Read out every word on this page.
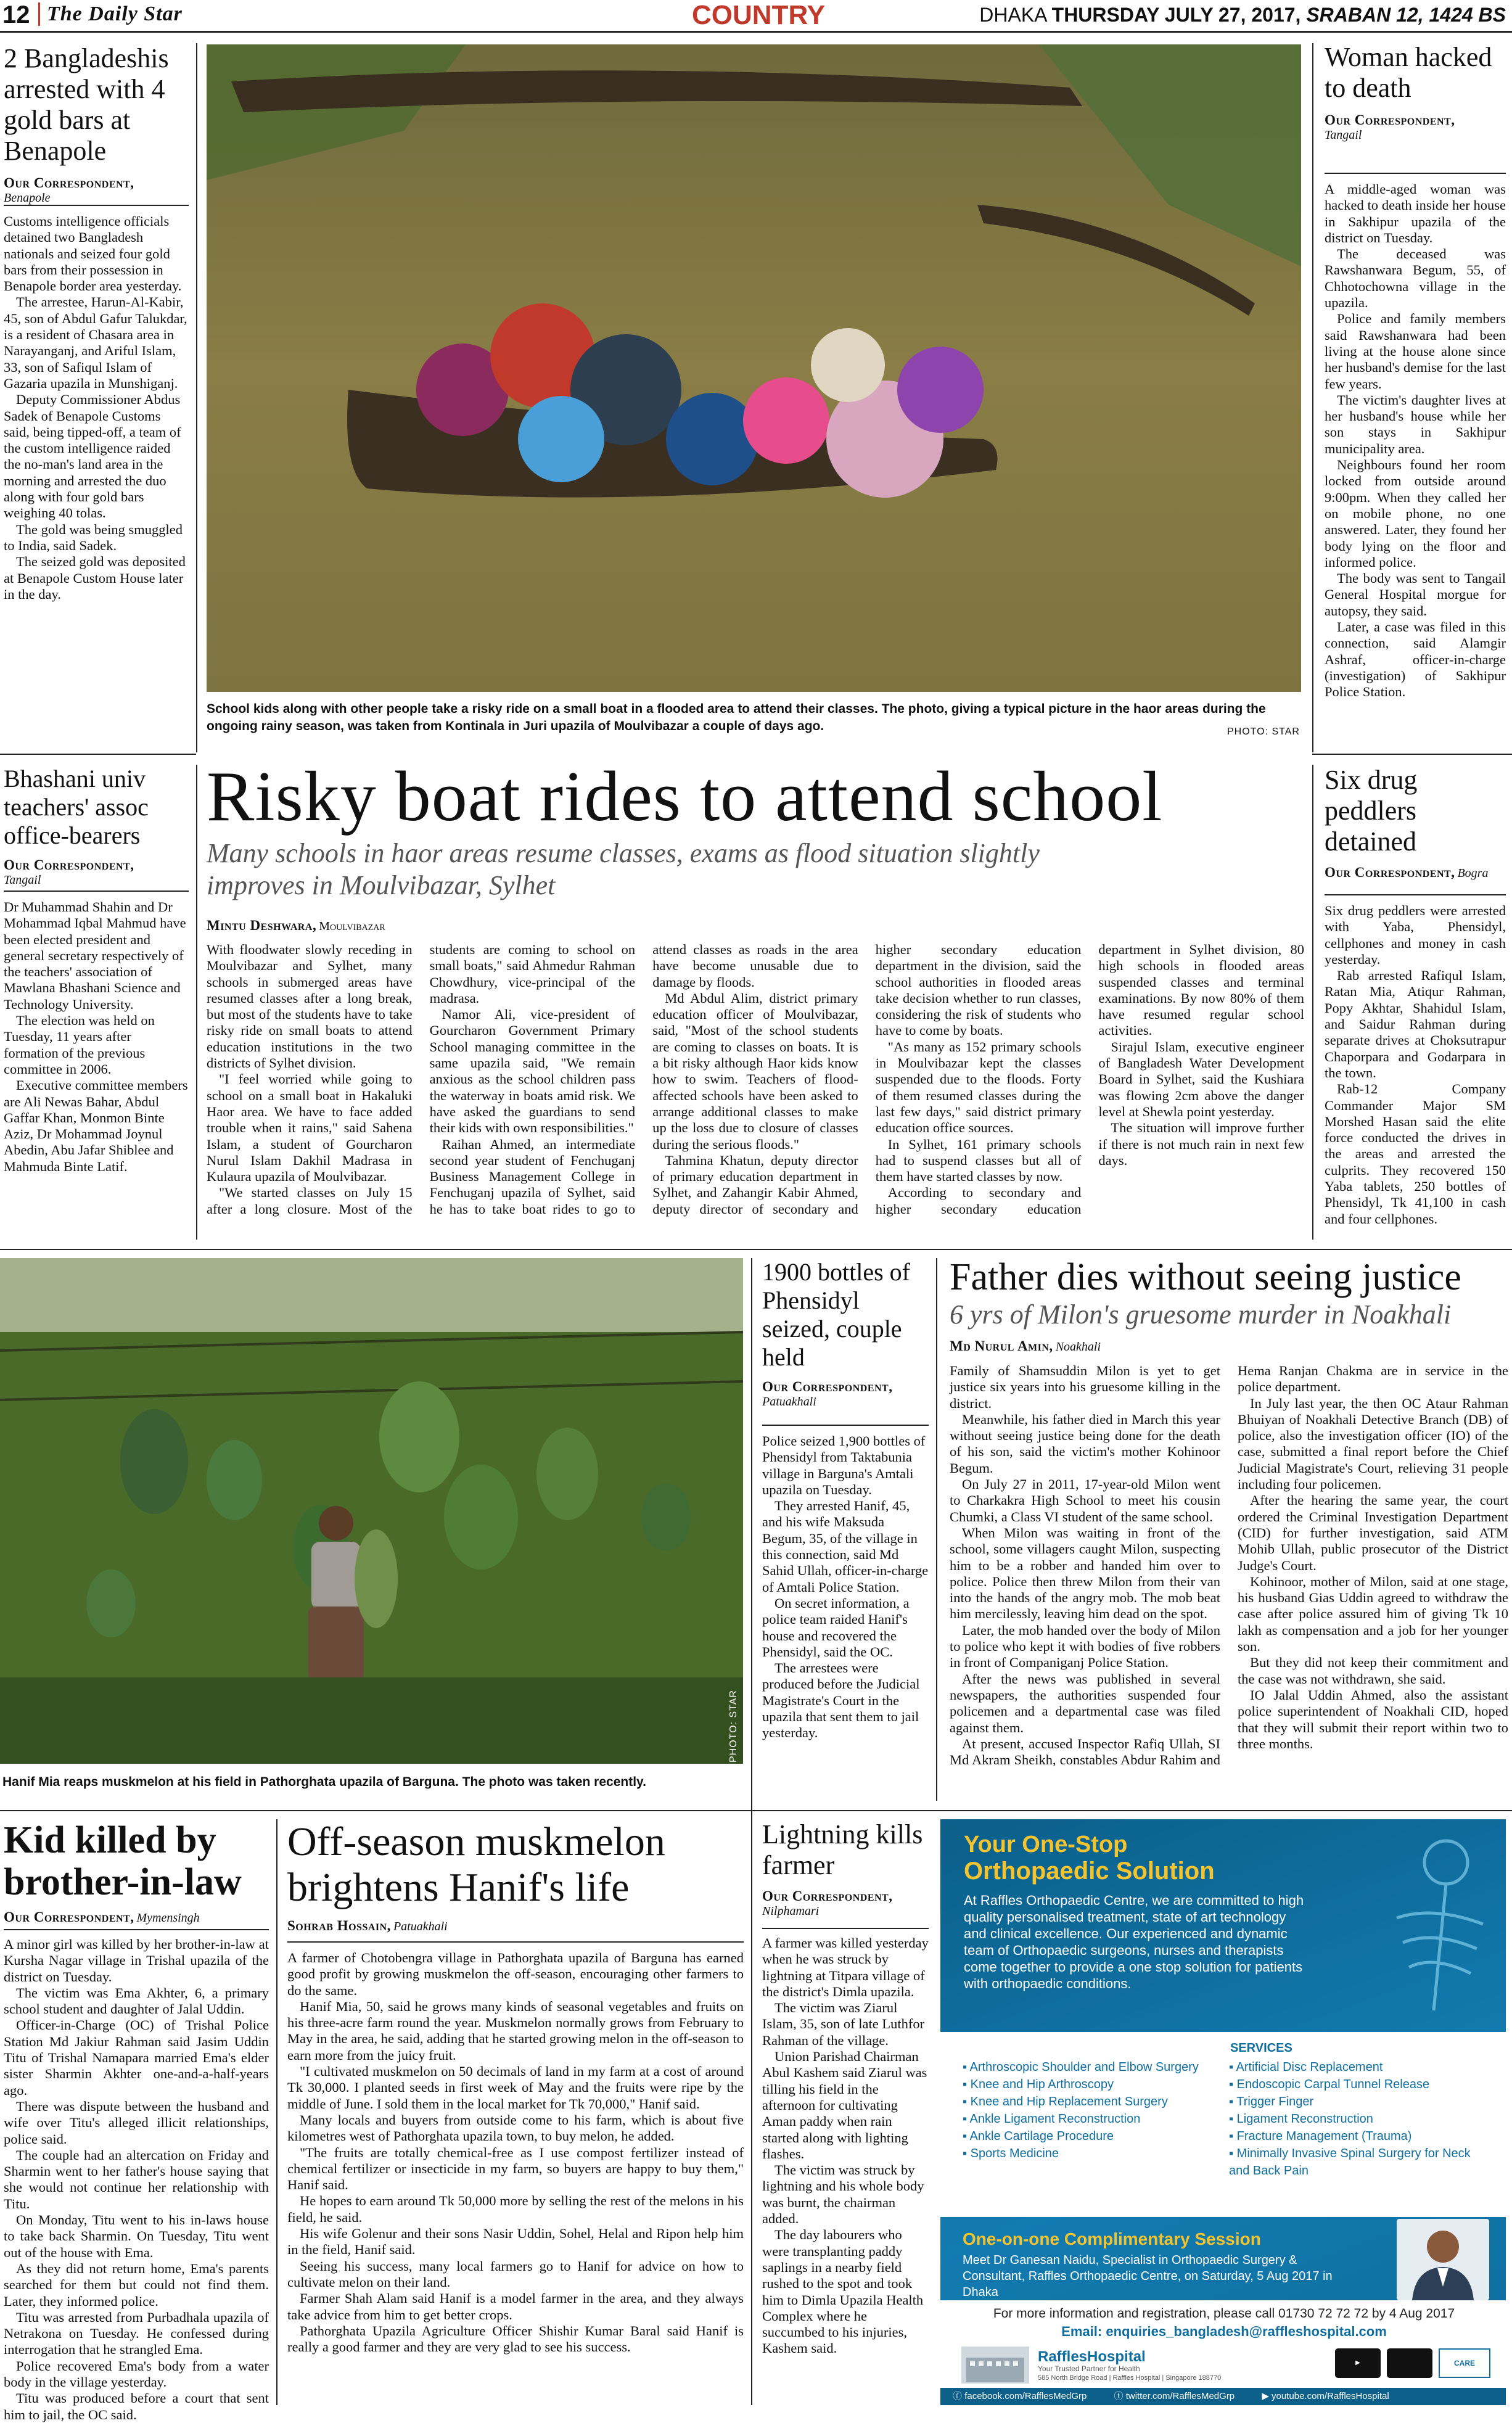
12 The Daily Star	COUNTRY	DHAKA THURSDAY JULY 27, 2017, SRABAN 12, 1424 BS
2 Bangladeshis arrested with 4 gold bars at Benapole
Our Correspondent,
Benapole

Customs intelligence officials detained two Bangladesh nationals and seized four gold bars from their possession in Benapole border area yesterday.

The arrestee, Harun-Al-Kabir, 45, son of Abdul Gafur Talukdar, is a resident of Chasara area in Narayanganj, and Ariful Islam, 33, son of Safiqul Islam of Gazaria upazila in Munshiganj.

Deputy Commissioner Abdus Sadek of Benapole Customs said, being tipped-off, a team of the custom intelligence raided the no-man's land area in the morning and arrested the duo along with four gold bars weighing 40 tolas.

The gold was being smuggled to India, said Sadek.

The seized gold was deposited at Benapole Custom House later in the day.

School kids along with other people take a risky ride on a small boat in a flooded area to attend their classes. The photo, giving a typical picture in the haor areas during the ongoing rainy season, was taken from Kontinala in Juri upazila of Moulvibazar a couple of days ago.	PHOTO: STAR
Woman hacked to death
Our Correspondent,
Tangail

A middle-aged woman was hacked to death inside her house in Sakhipur upazila of the district on Tuesday.

The deceased was Rawshanwara Begum, 55, of Chhotochowna village in the upazila.

Police and family members said Rawshanwara had been living at the house alone since her husband's demise for the last few years.

The victim's daughter lives at her husband's house while her son stays in Sakhipur municipality area.

Neighbours found her room locked from outside around 9:00pm. When they called her on mobile phone, no one answered. Later, they found her body lying on the floor and informed police.

The body was sent to Tangail General Hospital morgue for autopsy, they said.

Later, a case was filed in this connection, said Alamgir Ashraf, officer-in-charge (investigation) of Sakhipur Police Station.

Bhashani univ teachers' assoc office-bearers
Our Correspondent,
Tangail

Dr Muhammad Shahin and Dr Mohammad Iqbal Mahmud have been elected president and general secretary respectively of the teachers' association of Mawlana Bhashani Science and Technology University.

The election was held on Tuesday, 11 years after formation of the previous committee in 2006.

Executive committee members are Ali Newas Bahar, Abdul Gaffar Khan, Monmon Binte Aziz, Dr Mohammad Joynul Abedin, Abu Jafar Shiblee and Mahmuda Binte Latif.

Risky boat rides to attend school
Many schools in haor areas resume classes, exams as flood situation slightly improves in Moulvibazar, Sylhet
Mintu Deshwara, Moulvibazar

With floodwater slowly receding in Moulvibazar and Sylhet, many schools in submerged areas have resumed classes after a long break, but most of the students have to take risky ride on small boats to attend education institutions in the two districts of Sylhet division.

"I feel worried while going to school on a small boat in Hakaluki Haor area. We have to face added trouble when it rains," said Sahena Islam, a student of Gourcharon Nurul Islam Dakhil Madrasa in Kulaura upazila of Moulvibazar.

"We started classes on July 15 after a long closure. Most of the students are coming to school on small boats," said Ahmedur Rahman Chowdhury, vice-principal of the madrasa.

Namor Ali, vice-president of Gourcharon Government Primary School managing committee in the same upazila said, "We remain anxious as the school children pass the waterway in boats amid risk. We have asked the guardians to send their kids with own responsibilities."

Raihan Ahmed, an intermediate second year student of Fenchuganj Business Management College in Fenchuganj upazila of Sylhet, said he has to take boat rides to go to attend classes as roads in the area have become unusable due to damage by floods.

Md Abdul Alim, district primary education officer of Moulvibazar, said, "Most of the school students are coming to classes on boats. It is a bit risky although Haor kids know how to swim. Teachers of flood-affected schools have been asked to arrange additional classes to make up the loss due to closure of classes during the serious floods."

Tahmina Khatun, deputy director of primary education department in Sylhet, and Zahangir Kabir Ahmed, deputy director of secondary and higher secondary education department in the division, said the school authorities in flooded areas take decision whether to run classes, considering the risk of students who have to come by boats.

"As many as 152 primary schools in Moulvibazar kept the classes suspended due to the floods. Forty of them resumed classes during the last few days," said district primary education office sources.

In Sylhet, 161 primary schools had to suspend classes but all of them have started classes by now.

According to secondary and higher secondary education department in Sylhet division, 80 high schools in flooded areas suspended classes and terminal examinations. By now 80% of them have resumed regular school activities.

Sirajul Islam, executive engineer of Bangladesh Water Development Board in Sylhet, said the Kushiara was flowing 2cm above the danger level at Shewla point yesterday.

The situation will improve further if there is not much rain in next few days.

Six drug peddlers detained
Our Correspondent, Bogra

Six drug peddlers were arrested with Yaba, Phensidyl, cellphones and money in cash yesterday.

Rab arrested Rafiqul Islam, Ratan Mia, Atiqur Rahman, Popy Akhtar, Shahidul Islam, and Saidur Rahman during separate drives at Choksutrapur Chaporpara and Godarpara in the town.

Rab-12 Company Commander Major SM Morshed Hasan said the elite force conducted the drives in the areas and arrested the culprits. They recovered 150 Yaba tablets, 250 bottles of Phensidyl, Tk 41,100 in cash and four cellphones.

PHOTO: STAR
Hanif Mia reaps muskmelon at his field in Pathorghata upazila of Barguna. The photo was taken recently.
1900 bottles of Phensidyl seized, couple held
Our Correspondent,
Patuakhali

Police seized 1,900 bottles of Phensidyl from Taktabunia village in Barguna's Amtali upazila on Tuesday.

They arrested Hanif, 45, and his wife Maksuda Begum, 35, of the village in this connection, said Md Sahid Ullah, officer-in-charge of Amtali Police Station.

On secret information, a police team raided Hanif's house and recovered the Phensidyl, said the OC.

The arrestees were produced before the Judicial Magistrate's Court in the upazila that sent them to jail yesterday.

Father dies without seeing justice
6 yrs of Milon's gruesome murder in Noakhali
Md Nurul Amin, Noakhali

Family of Shamsuddin Milon is yet to get justice six years into his gruesome killing in the district.

Meanwhile, his father died in March this year without seeing justice being done for the death of his son, said the victim's mother Kohinoor Begum.

On July 27 in 2011, 17-year-old Milon went to Charkakra High School to meet his cousin Chumki, a Class VI student of the same school.

When Milon was waiting in front of the school, some villagers caught Milon, suspecting him to be a robber and handed him over to police. Police then threw Milon from their van into the hands of the angry mob. The mob beat him mercilessly, leaving him dead on the spot.

Later, the mob handed over the body of Milon to police who kept it with bodies of five robbers in front of Companiganj Police Station.

After the news was published in several newspapers, the authorities suspended four policemen and a departmental case was filed against them.

At present, accused Inspector Rafiq Ullah, SI Md Akram Sheikh, constables Abdur Rahim and Hema Ranjan Chakma are in service in the police department.

In July last year, the then OC Ataur Rahman Bhuiyan of Noakhali Detective Branch (DB) of police, also the investigation officer (IO) of the case, submitted a final report before the Chief Judicial Magistrate's Court, relieving 31 people including four policemen.

After the hearing the same year, the court ordered the Criminal Investigation Department (CID) for further investigation, said ATM Mohib Ullah, public prosecutor of the District Judge's Court.

Kohinoor, mother of Milon, said at one stage, his husband Gias Uddin agreed to withdraw the case after police assured him of giving Tk 10 lakh as compensation and a job for her younger son.

But they did not keep their commitment and the case was not withdrawn, she said.

IO Jalal Uddin Ahmed, also the assistant police superintendent of Noakhali CID, hoped that they will submit their report within two to three months.

Kid killed by brother-in-law
Our Correspondent, Mymensingh

A minor girl was killed by her brother-in-law at Kursha Nagar village in Trishal upazila of the district on Tuesday.

The victim was Ema Akhter, 6, a primary school student and daughter of Jalal Uddin.

Officer-in-Charge (OC) of Trishal Police Station Md Jakiur Rahman said Jasim Uddin Titu of Trishal Namapara married Ema's elder sister Sharmin Akhter one-and-a-half-years ago.

There was dispute between the husband and wife over Titu's alleged illicit relationships, police said.

The couple had an altercation on Friday and Sharmin went to her father's house saying that she would not continue her relationship with Titu.

On Monday, Titu went to his in-laws house to take back Sharmin. On Tuesday, Titu went out of the house with Ema.

As they did not return home, Ema's parents searched for them but could not find them. Later, they informed police.

Titu was arrested from Purbadhala upazila of Netrakona on Tuesday. He confessed during interrogation that he strangled Ema.

Police recovered Ema's body from a water body in the village yesterday.

Titu was produced before a court that sent him to jail, the OC said.

Off-season muskmelon brightens Hanif's life
Sohrab Hossain, Patuakhali

A farmer of Chotobengra village in Pathorghata upazila of Barguna has earned good profit by growing muskmelon the off-season, encouraging other farmers to do the same.

Hanif Mia, 50, said he grows many kinds of seasonal vegetables and fruits on his three-acre farm round the year. Muskmelon normally grows from February to May in the area, he said, adding that he started growing melon in the off-season to earn more from the juicy fruit.

"I cultivated muskmelon on 50 decimals of land in my farm at a cost of around Tk 30,000. I planted seeds in first week of May and the fruits were ripe by the middle of June. I sold them in the local market for Tk 70,000," Hanif said.

Many locals and buyers from outside come to his farm, which is about five kilometres west of Pathorghata upazila town, to buy melon, he added.

"The fruits are totally chemical-free as I use compost fertilizer instead of chemical fertilizer or insecticide in my farm, so buyers are happy to buy them," Hanif said.

He hopes to earn around Tk 50,000 more by selling the rest of the melons in his field, he said.

His wife Golenur and their sons Nasir Uddin, Sohel, Helal and Ripon help him in the field, Hanif said.

Seeing his success, many local farmers go to Hanif for advice on how to cultivate melon on their land.

Farmer Shah Alam said Hanif is a model farmer in the area, and they always take advice from him to get better crops.

Pathorghata Upazila Agriculture Officer Shishir Kumar Baral said Hanif is really a good farmer and they are very glad to see his success.

Lightning kills farmer
Our Correspondent,
Nilphamari

A farmer was killed yesterday when he was struck by lightning at Titpara village of the district's Dimla upazila.

The victim was Ziarul Islam, 35, son of late Luthfor Rahman of the village.

Union Parishad Chairman Abul Kashem said Ziarul was tilling his field in the afternoon for cultivating Aman paddy when rain started along with lighting flashes.

The victim was struck by lightning and his whole body was burnt, the chairman added.

The day labourers who were transplanting paddy saplings in a nearby field rushed to the spot and took him to Dimla Upazila Health Complex where he succumbed to his injuries, Kashem said.

Your One-Stop
Orthopaedic Solution
At Raffles Orthopaedic Centre, we are committed to high quality personalised treatment, state of art technology and clinical excellence. Our experienced and dynamic team of Orthopaedic surgeons, nurses and therapists come together to provide a one stop solution for patients with orthopaedic conditions.
SERVICES
▪ Arthroscopic Shoulder and Elbow Surgery
▪ Knee and Hip Arthroscopy
▪ Knee and Hip Replacement Surgery
▪ Ankle Ligament Reconstruction
▪ Ankle Cartilage Procedure
▪ Sports Medicine
▪ Artificial Disc Replacement
▪ Endoscopic Carpal Tunnel Release
▪ Trigger Finger
▪ Ligament Reconstruction
▪ Fracture Management (Trauma)
▪ Minimally Invasive Spinal Surgery for Neck and Back Pain
One-on-one Complimentary Session
Meet Dr Ganesan Naidu, Specialist in Orthopaedic Surgery & Consultant, Raffles Orthopaedic Centre, on Saturday, 5 Aug 2017 in Dhaka
For more information and registration, please call 01730 72 72 72 by 4 Aug 2017
Email: enquiries_bangladesh@raffleshospital.com
RafflesHospital
Your Trusted Partner for Health
585 North Bridge Road | Raffles Hospital | Singapore 188770
▶︎	CARE
ⓕ facebook.com/RafflesMedGrp	ⓣ twitter.com/RafflesMedGrp	▶ youtube.com/RafflesHospital
